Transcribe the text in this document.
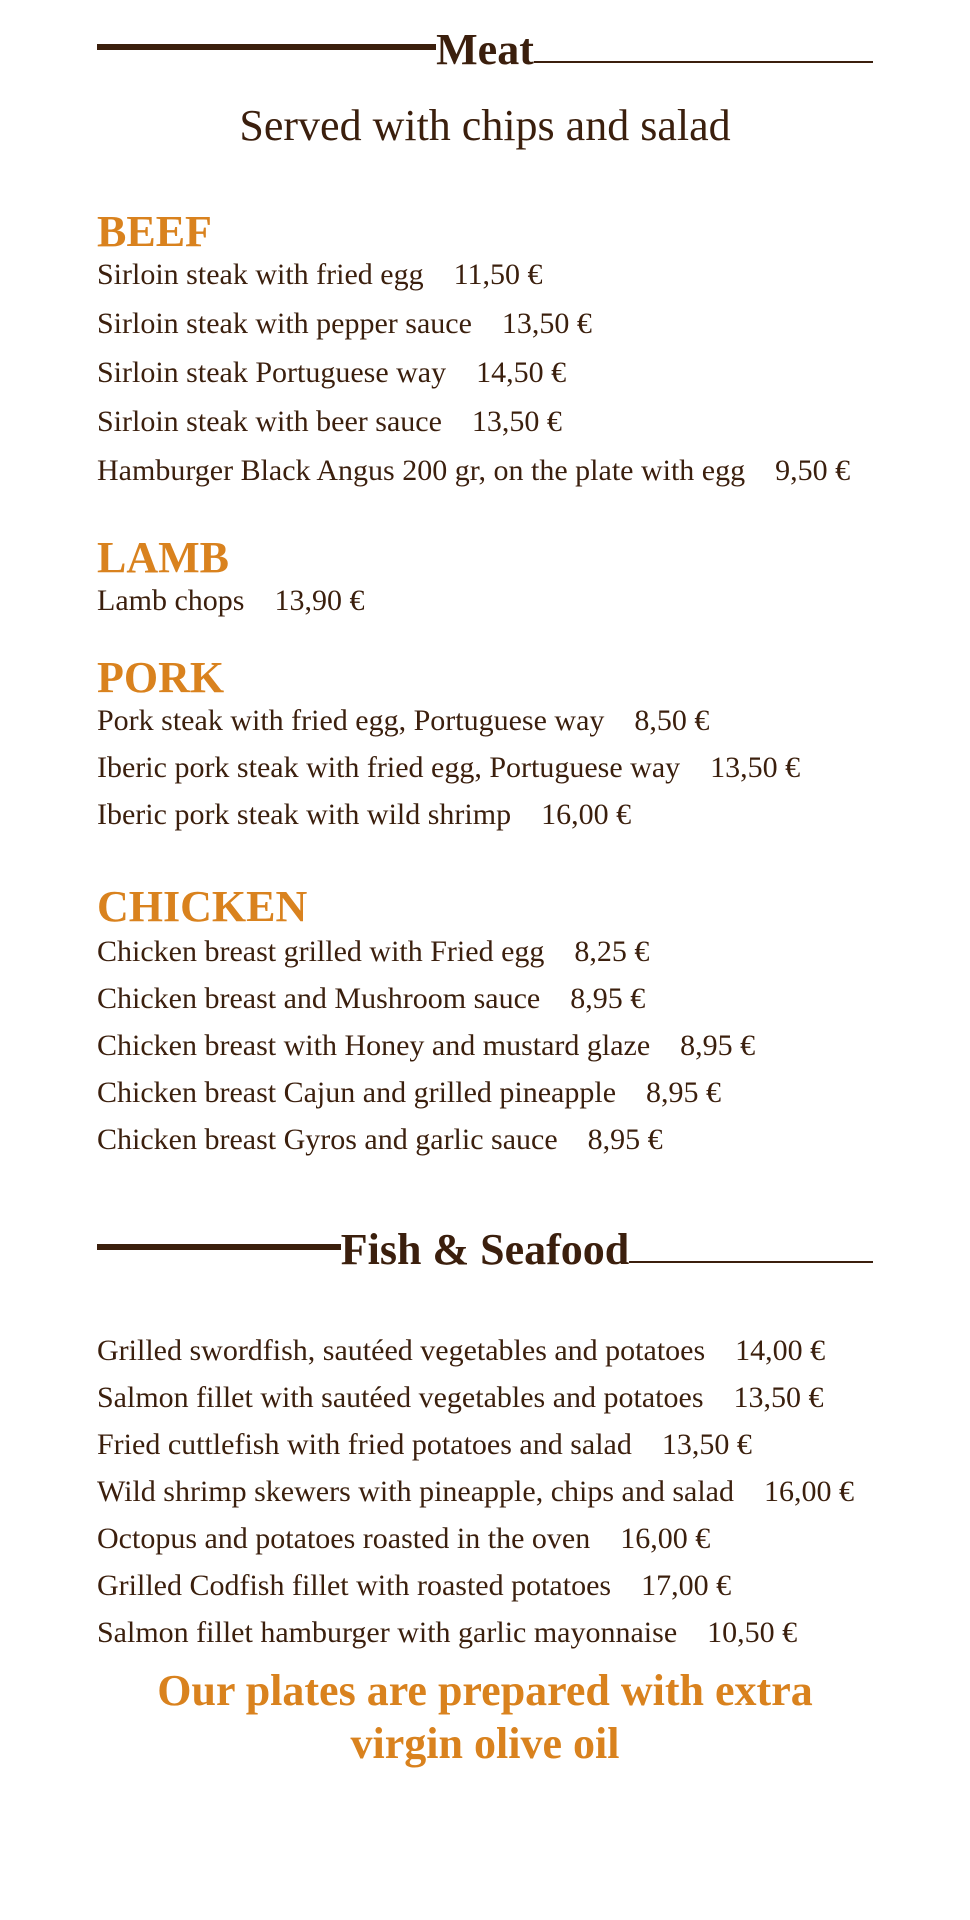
Meat
Served with chips and salad
BEEF
Sirloin steak with fried egg 11,50 €
Sirloin steak with pepper sauce 13,50 €
Sirloin steak Portuguese way 14,50 €
Sirloin steak with beer sauce 13,50 €
Hamburger Black Angus 200 gr, on the plate with egg 9,50 €
LAMB
Lamb chops 13,90 €
PORK
Pork steak with fried egg, Portuguese way 8,50 €
Iberic pork steak with fried egg, Portuguese way 13,50 €
Iberic pork steak with wild shrimp 16,00 €
CHICKEN
Chicken breast grilled with Fried egg 8,25 €
Chicken breast and Mushroom sauce 8,95 €
Chicken breast with Honey and mustard glaze 8,95 €
Chicken breast Cajun and grilled pineapple 8,95 €
Chicken breast Gyros and garlic sauce 8,95 €
Fish & Seafood
Grilled swordfish, sautéed vegetables and potatoes 14,00 €
Salmon fillet with sautéed vegetables and potatoes 13,50 €
Fried cuttlefish with fried potatoes and salad 13,50 €
Wild shrimp skewers with pineapple, chips and salad 16,00 €
Octopus and potatoes roasted in the oven 16,00 €
Grilled Codfish fillet with roasted potatoes 17,00 €
Salmon fillet hamburger with garlic mayonnaise 10,50 €
Our plates are prepared with extra
virgin olive oil
